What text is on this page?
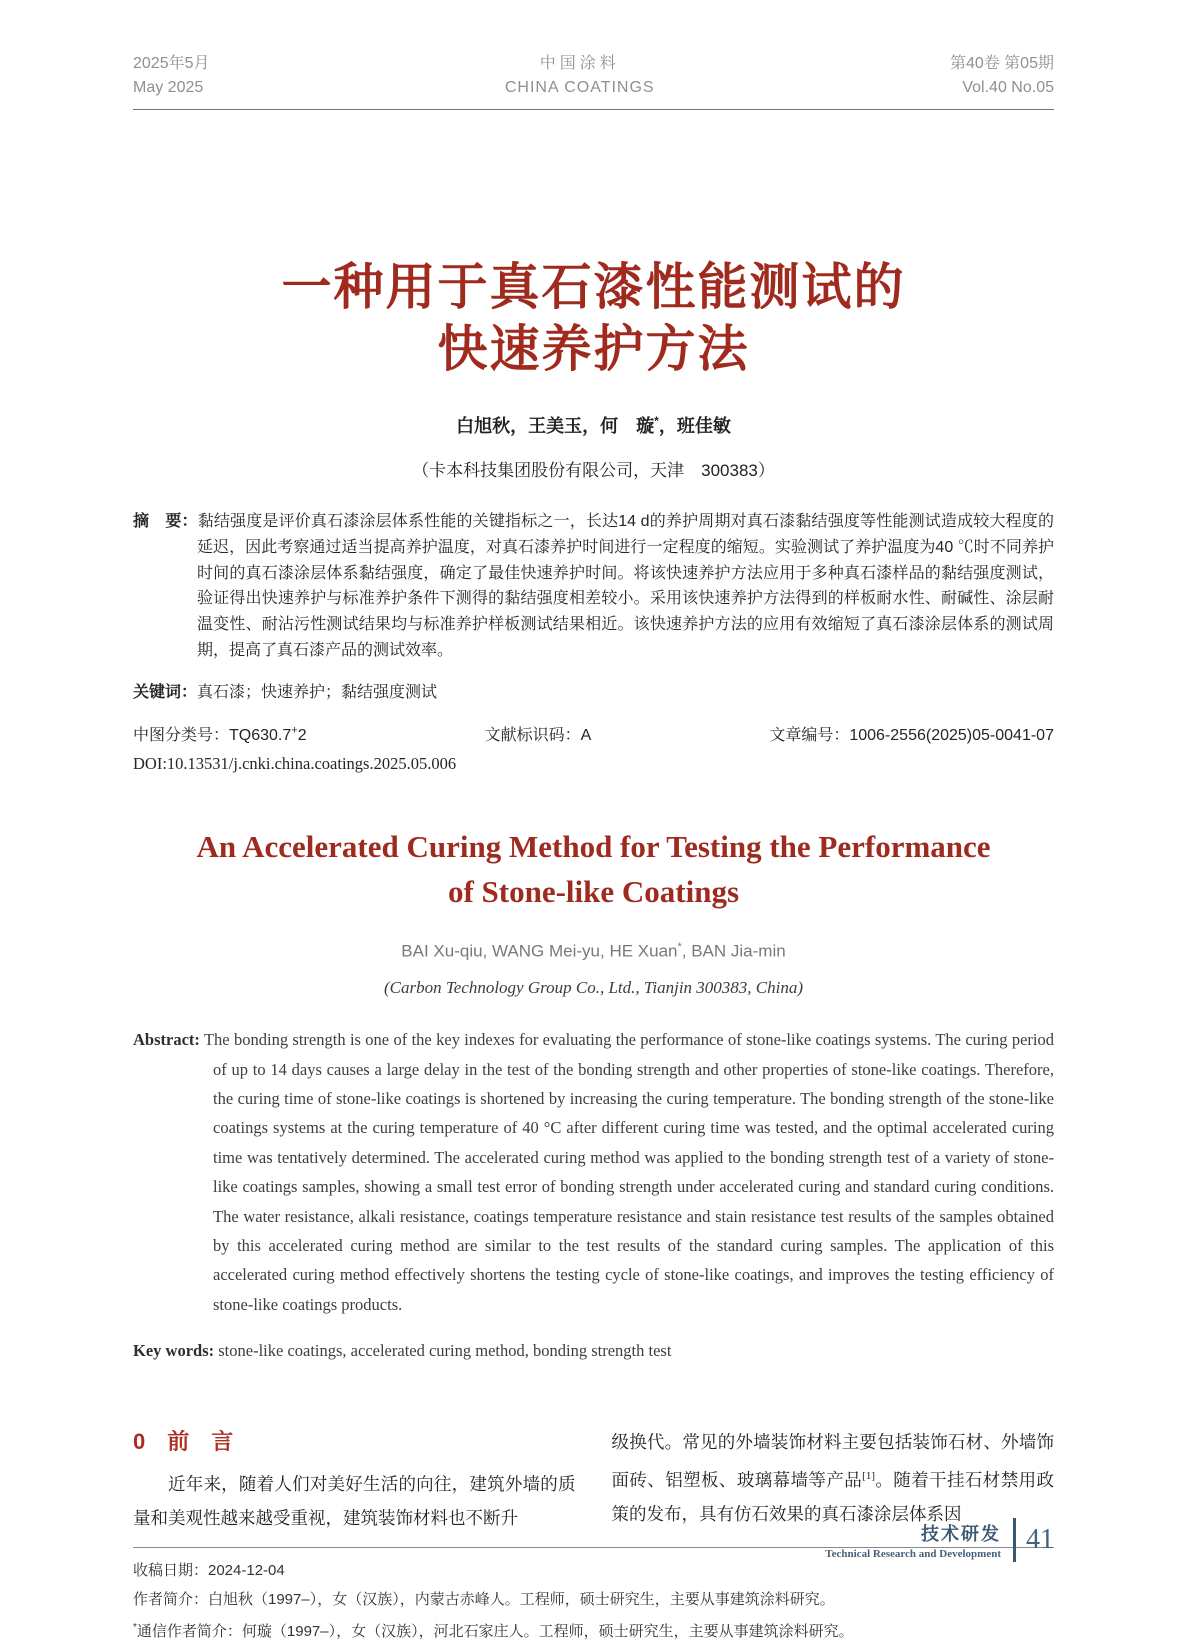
2025年5月
May 2025
中国涂料
CHINA COATINGS
第40卷 第05期
Vol.40 No.05
一种用于真石漆性能测试的
快速养护方法

白旭秋，王美玉，何　璇*，班佳敏

（卡本科技集团股份有限公司，天津　300383）

摘　要：黏结强度是评价真石漆涂层体系性能的关键指标之一，长达14 d的养护周期对真石漆黏结强度等性能测试造成较大程度的延迟，因此考察通过适当提高养护温度，对真石漆养护时间进行一定程度的缩短。实验测试了养护温度为40 ℃时不同养护时间的真石漆涂层体系黏结强度，确定了最佳快速养护时间。将该快速养护方法应用于多种真石漆样品的黏结强度测试，验证得出快速养护与标准养护条件下测得的黏结强度相差较小。采用该快速养护方法得到的样板耐水性、耐碱性、涂层耐温变性、耐沾污性测试结果均与标准养护样板测试结果相近。该快速养护方法的应用有效缩短了真石漆涂层体系的测试周期，提高了真石漆产品的测试效率。

关键词：真石漆；快速养护；黏结强度测试

中图分类号：TQ630.7+2	文献标识码：A	文章编号：1006-2556(2025)05-0041-07

DOI:10.13531/j.cnki.china.coatings.2025.05.006

An Accelerated Curing Method for Testing the Performance
of Stone-like Coatings

BAI Xu-qiu, WANG Mei-yu, HE Xuan*, BAN Jia-min

(Carbon Technology Group Co., Ltd., Tianjin 300383, China)

Abstract: The bonding strength is one of the key indexes for evaluating the performance of stone-like coatings systems. The curing period of up to 14 days causes a large delay in the test of the bonding strength and other properties of stone-like coatings. Therefore, the curing time of stone-like coatings is shortened by increasing the curing temperature. The bonding strength of the stone-like coatings systems at the curing temperature of 40 °C after different curing time was tested, and the optimal accelerated curing time was tentatively determined. The accelerated curing method was applied to the bonding strength test of a variety of stone-like coatings samples, showing a small test error of bonding strength under accelerated curing and standard curing conditions. The water resistance, alkali resistance, coatings temperature resistance and stain resistance test results of the samples obtained by this accelerated curing method are similar to the test results of the standard curing samples. The application of this accelerated curing method effectively shortens the testing cycle of stone-like coatings, and improves the testing efficiency of stone-like coatings products.

Key words: stone-like coatings, accelerated curing method, bonding strength test

0　前　言

近年来，随着人们对美好生活的向往，建筑外墙的质量和美观性越来越受重视，建筑装饰材料也不断升

级换代。常见的外墙装饰材料主要包括装饰石材、外墙饰面砖、铝塑板、玻璃幕墙等产品[1]。随着干挂石材禁用政策的发布，具有仿石效果的真石漆涂层体系因

收稿日期：2024-12-04

作者简介：白旭秋（1997–），女（汉族），内蒙古赤峰人。工程师，硕士研究生，主要从事建筑涂料研究。

*通信作者简介：何璇（1997–），女（汉族），河北石家庄人。工程师，硕士研究生，主要从事建筑涂料研究。

技术研发
Technical Research and Development 41
